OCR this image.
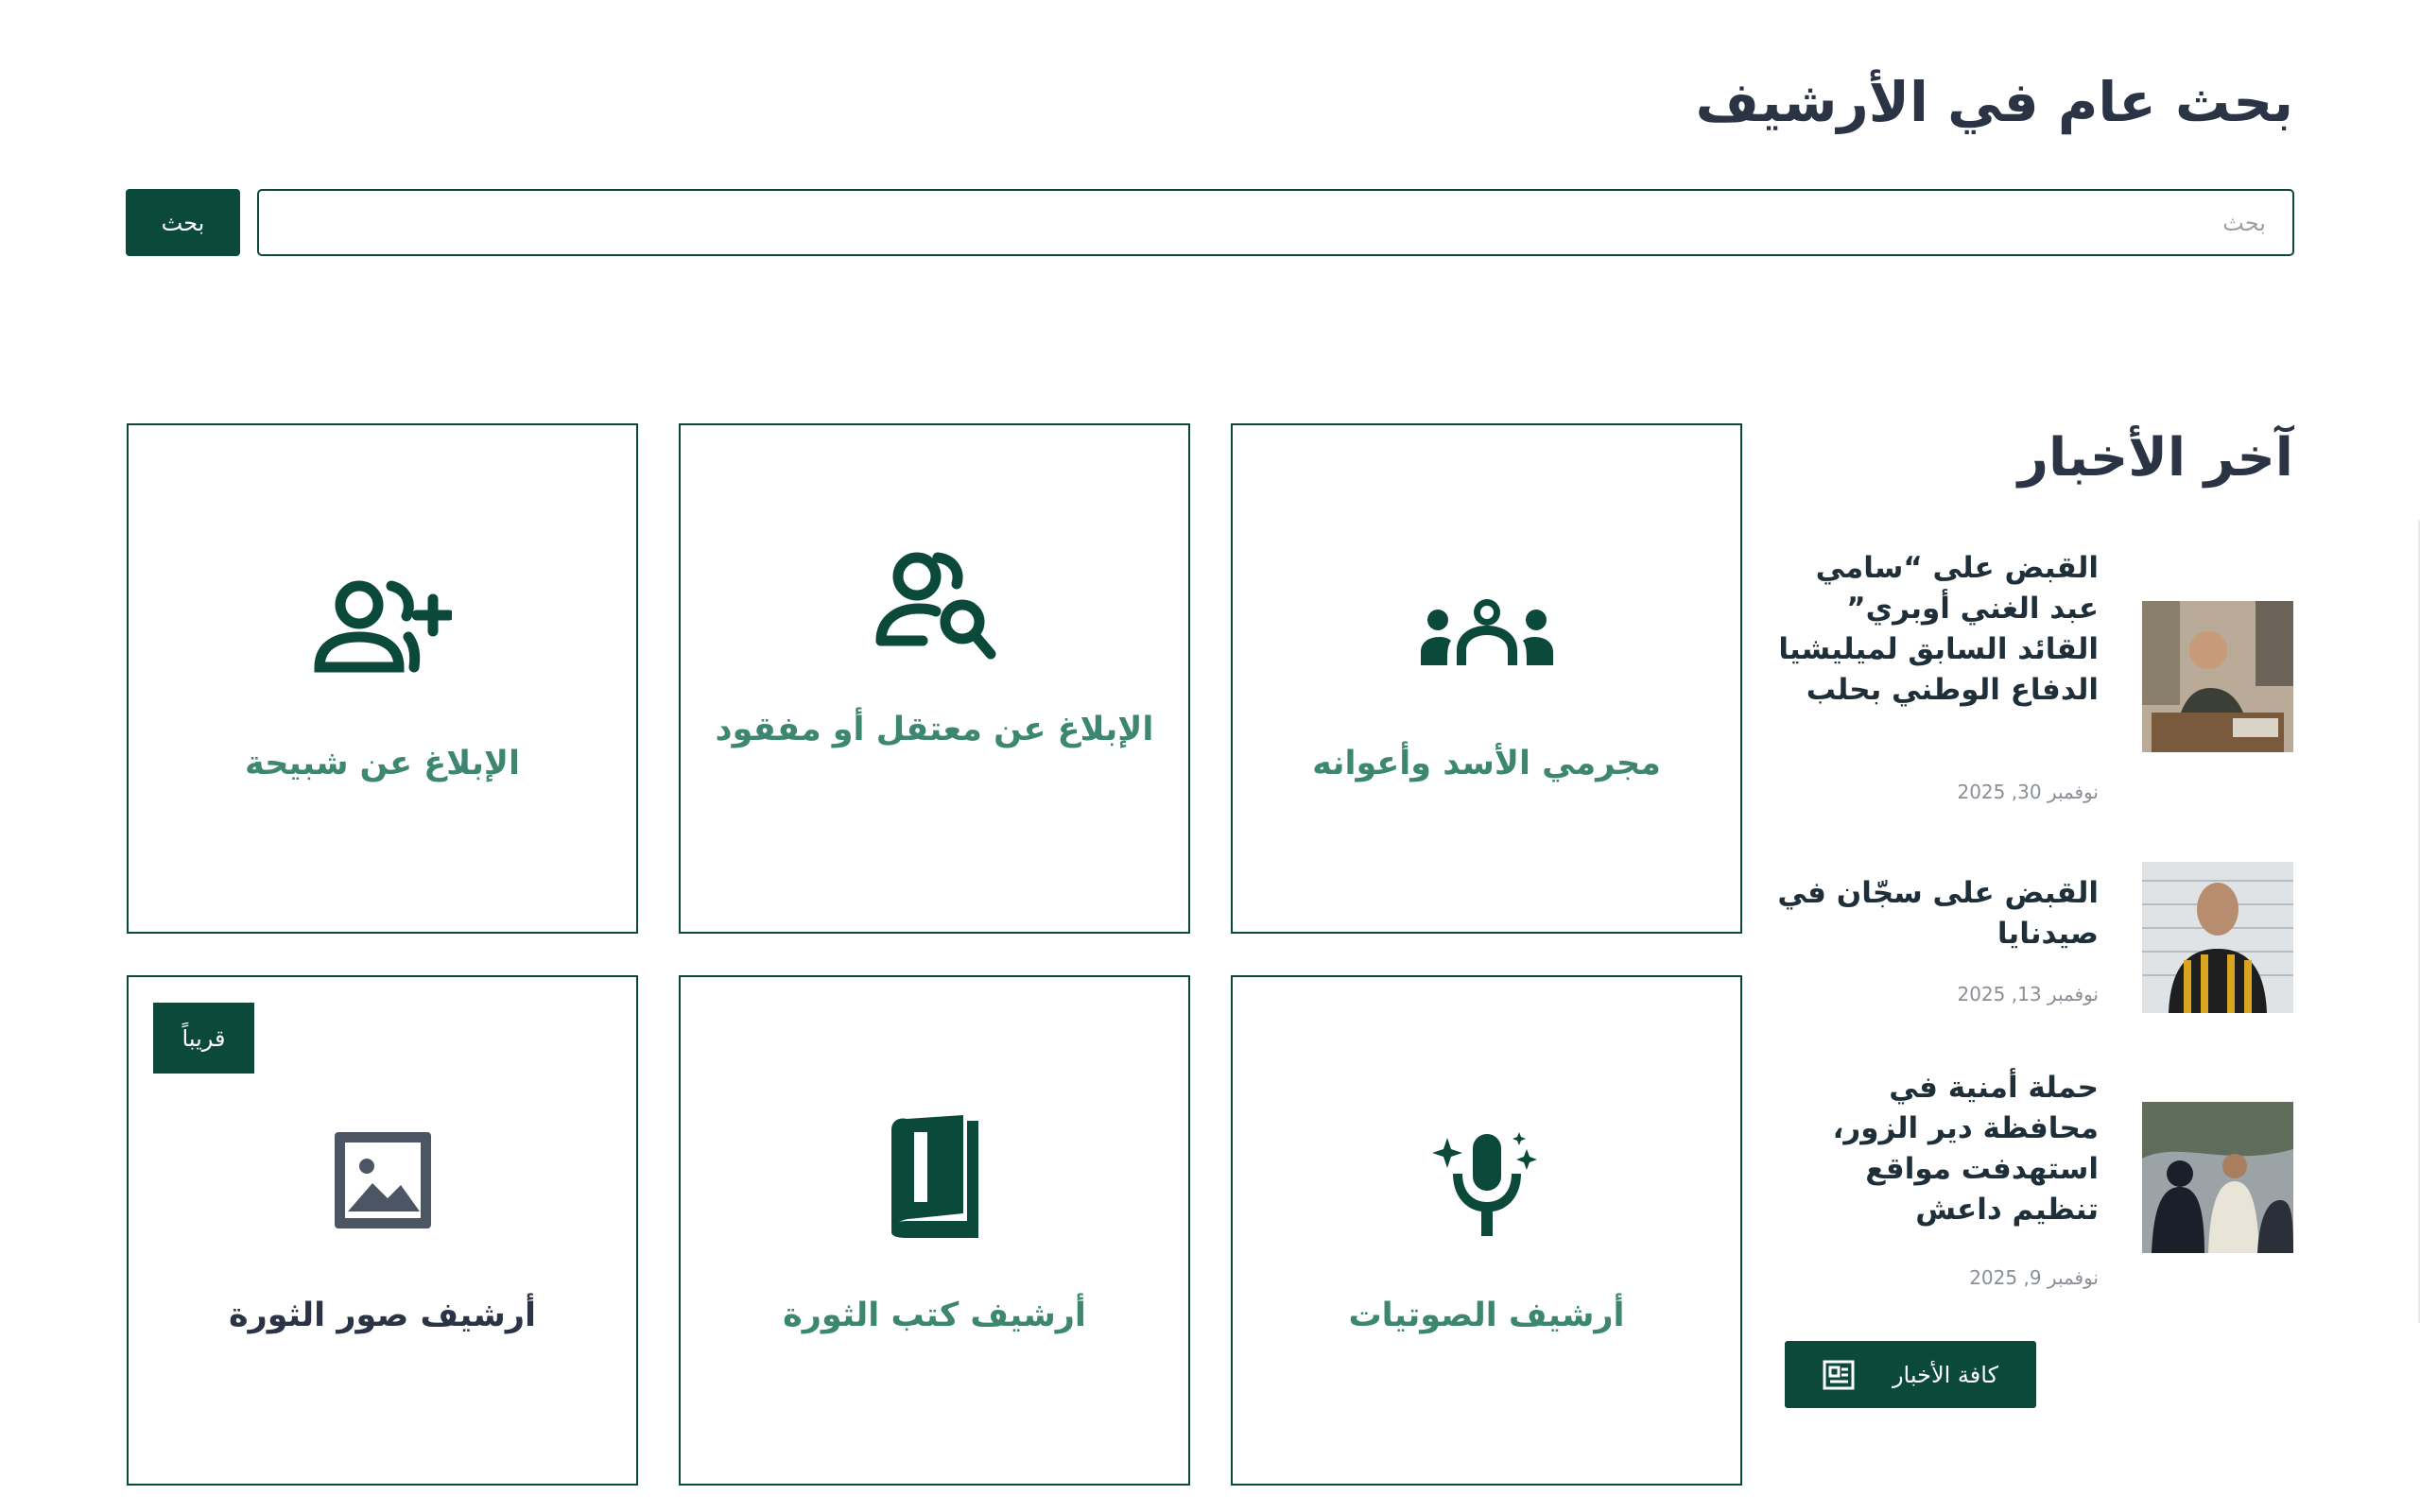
بحث عام في الأرشيف
بحث
بحث
مجرمي الأسد وأعوانه
الإبلاغ عن معتقل أو مفقود
الإبلاغ عن شبيحة
أرشيف الصوتيات
أرشيف كتب الثورة
قريباً
أرشيف صور الثورة
آخر الأخبار
القبض على “سامي عبد الغني أوبري” القائد السابق لميليشيا الدفاع الوطني بحلب
نوفمبر 30, 2025
القبض على سجّان في صيدنايا
نوفمبر 13, 2025
حملة أمنية في محافظة دير الزور، استهدفت مواقع تنظيم داعش
نوفمبر 9, 2025
كافة الأخبار
